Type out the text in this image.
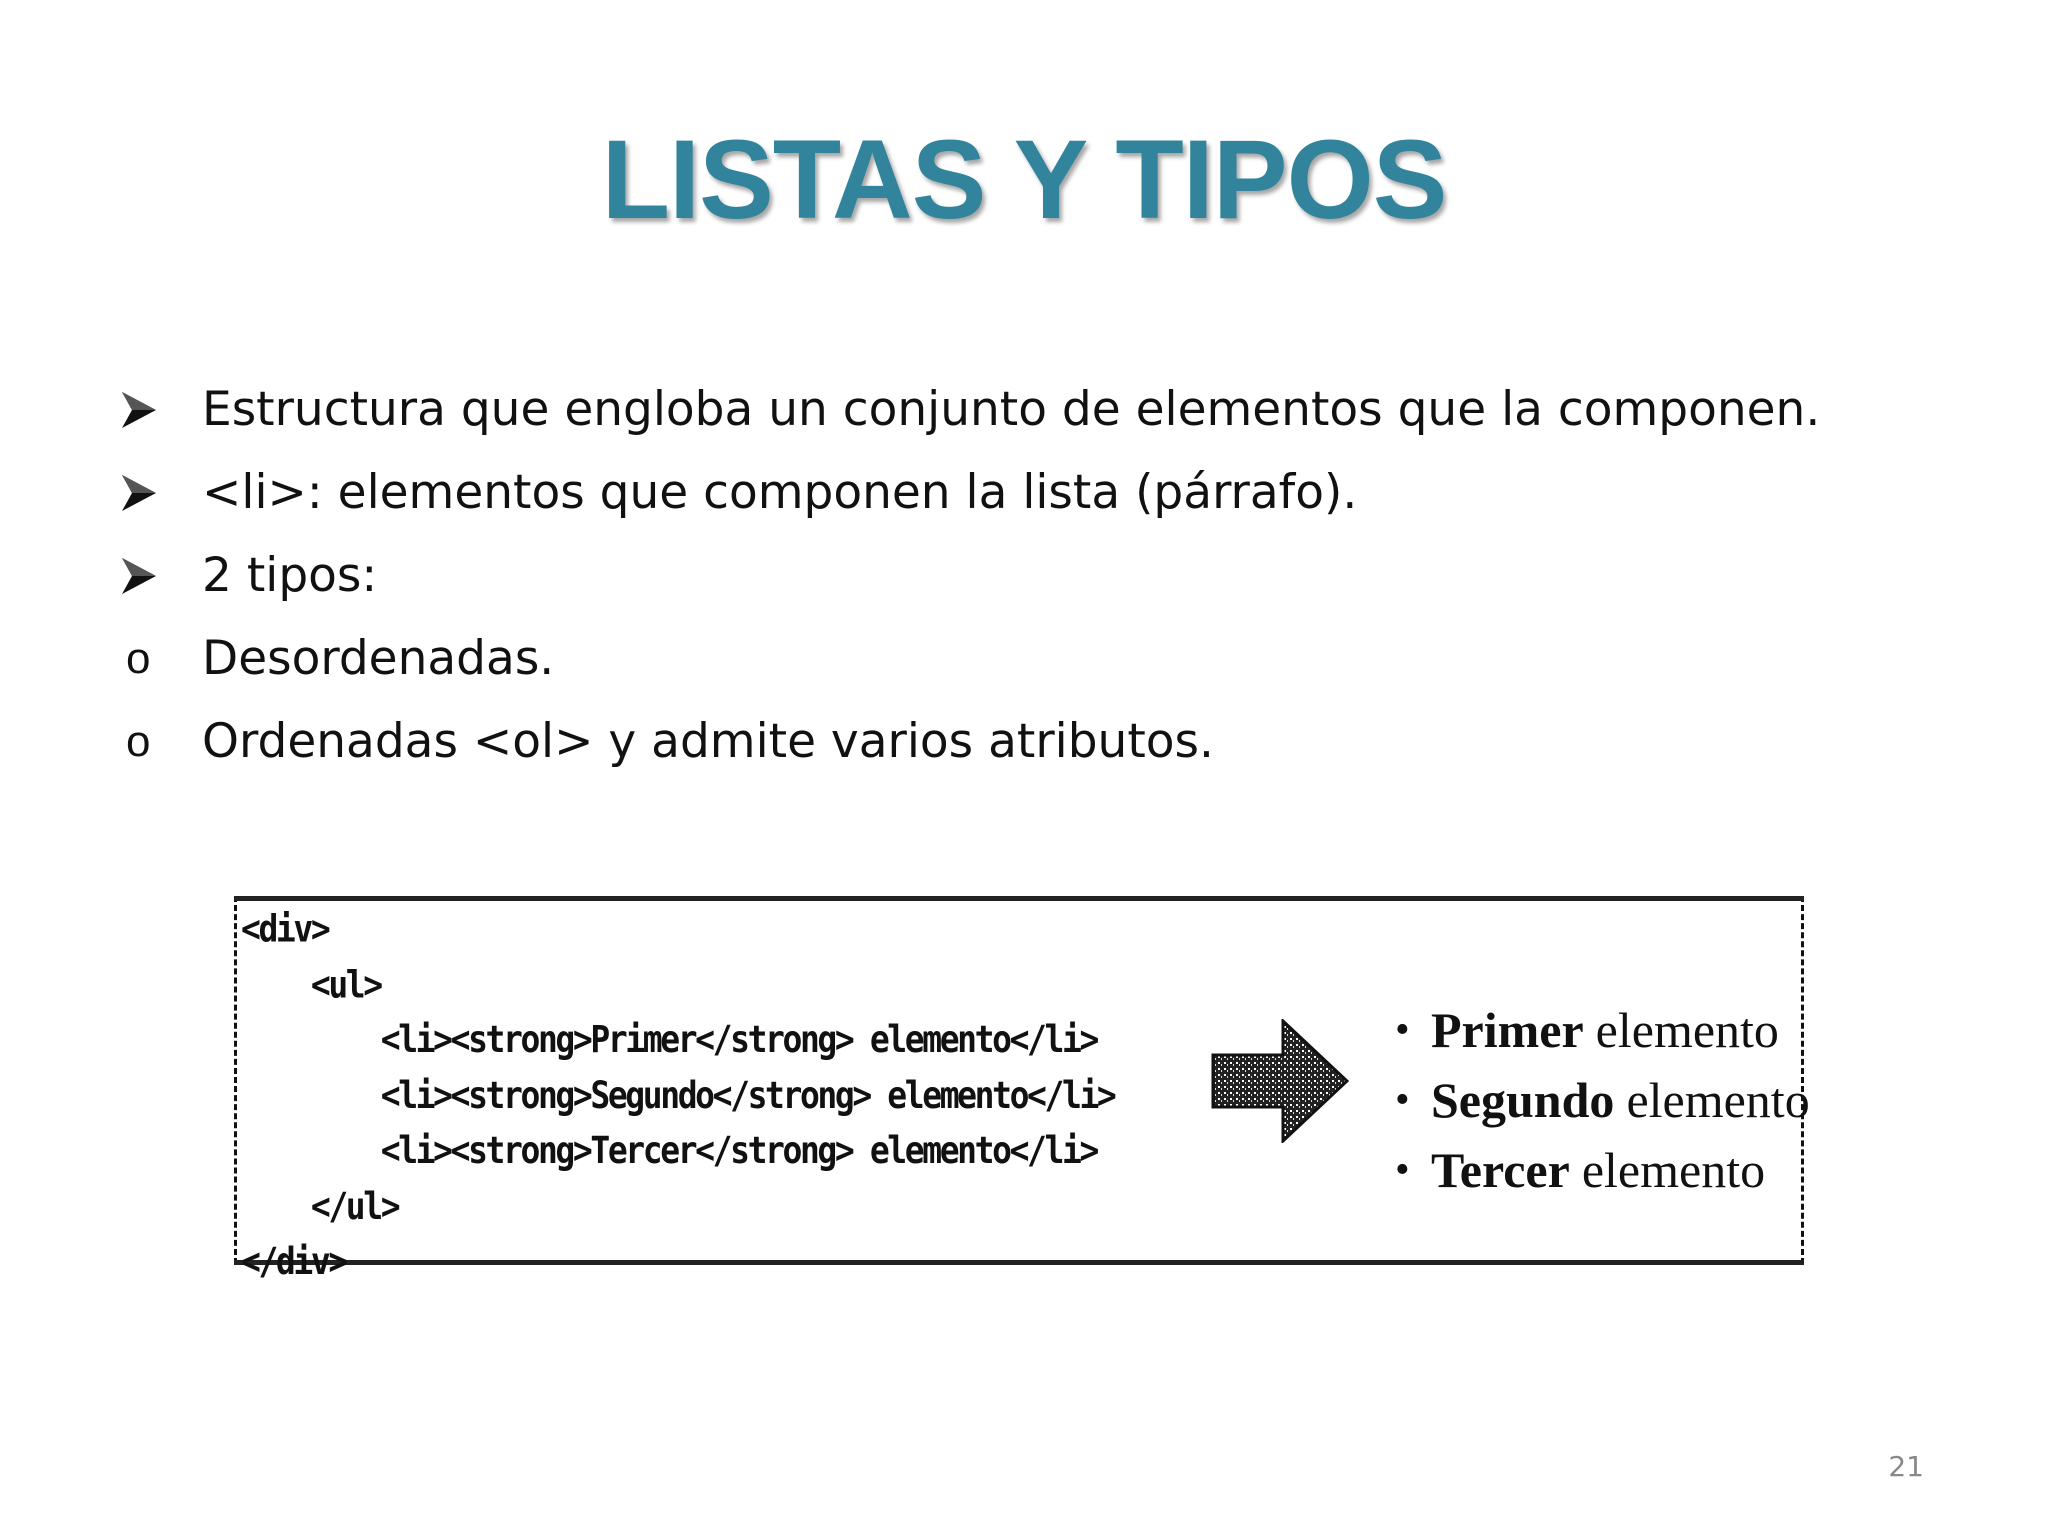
LISTAS Y TIPOS
Estructura que engloba un conjunto de elementos que la componen.
<li>: elementos que componen la lista (párrafo).
2 tipos:
o	Desordenadas.
o	Ordenadas <ol> y admite varios atributos.
<div>
<ul>
<li><strong>Primer</strong> elemento</li>
<li><strong>Segundo</strong> elemento</li>
<li><strong>Tercer</strong> elemento</li>
</ul>
</div>
• Primer elemento
• Segundo elemento
• Tercer elemento
21
